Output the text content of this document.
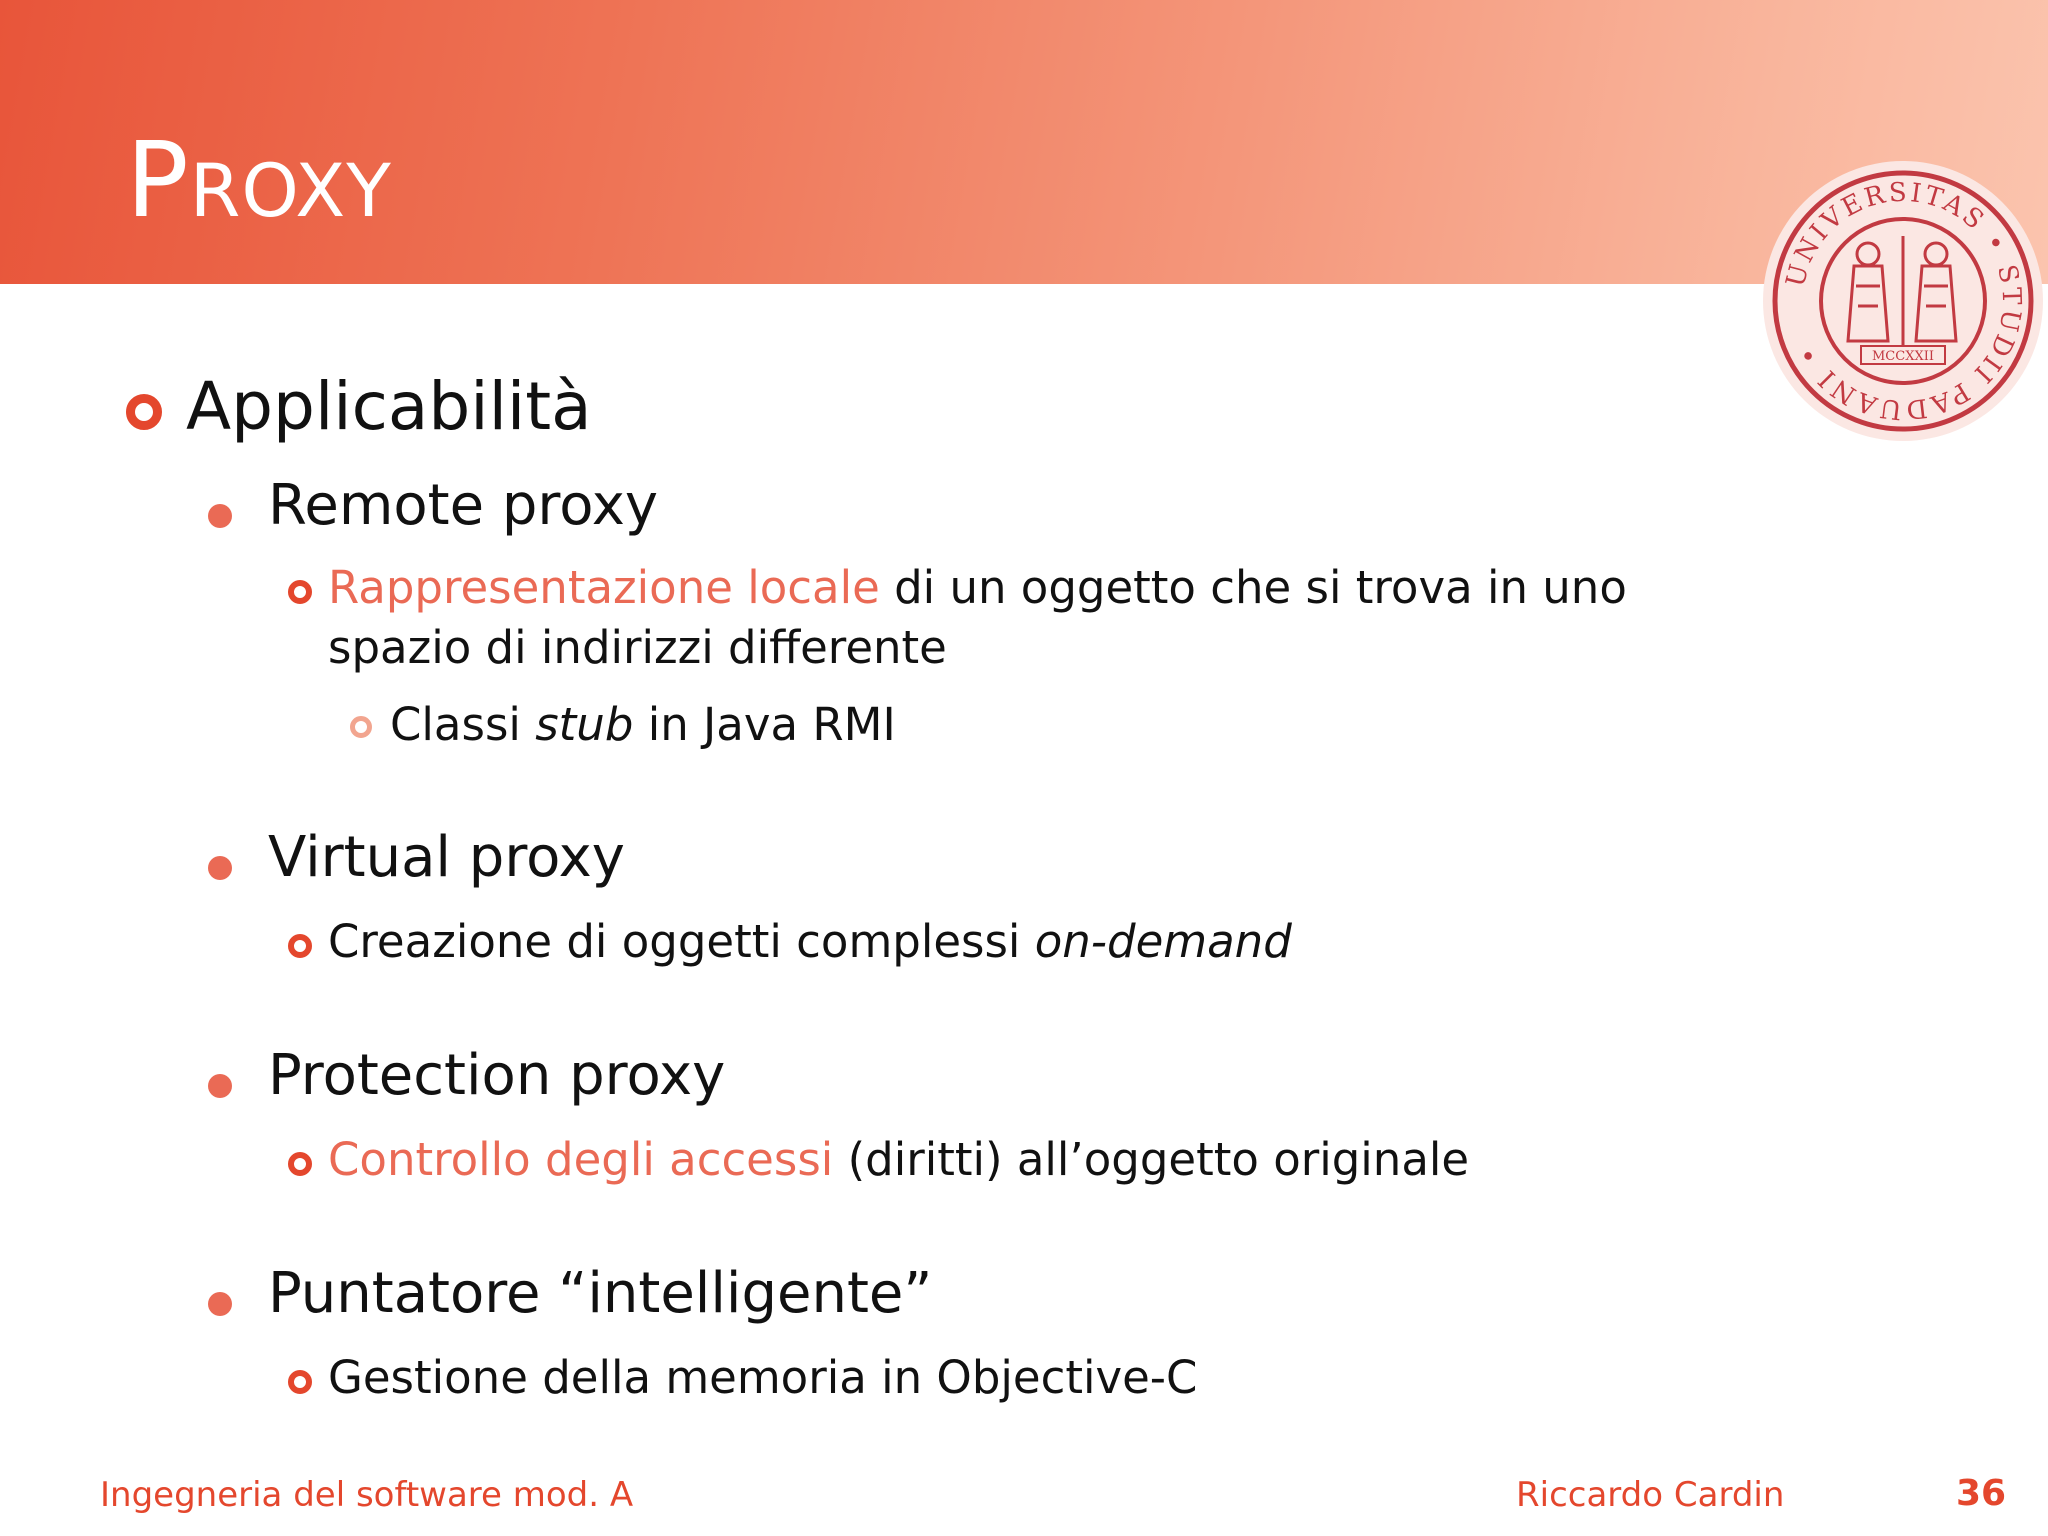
Proxy
UNIVERSITAS • STUDII PADUANI •	MCCXXII
Applicabilità
Remote proxy
Rappresentazione locale di un oggetto che si trova in uno spazio di indirizzi differente
Classi stub in Java RMI
Virtual proxy
Creazione di oggetti complessi on-demand
Protection proxy
Controllo degli accessi (diritti) all’oggetto originale
Puntatore “intelligente”
Gestione della memoria in Objective-C
Ingegneria del software mod. A	Riccardo Cardin	36
